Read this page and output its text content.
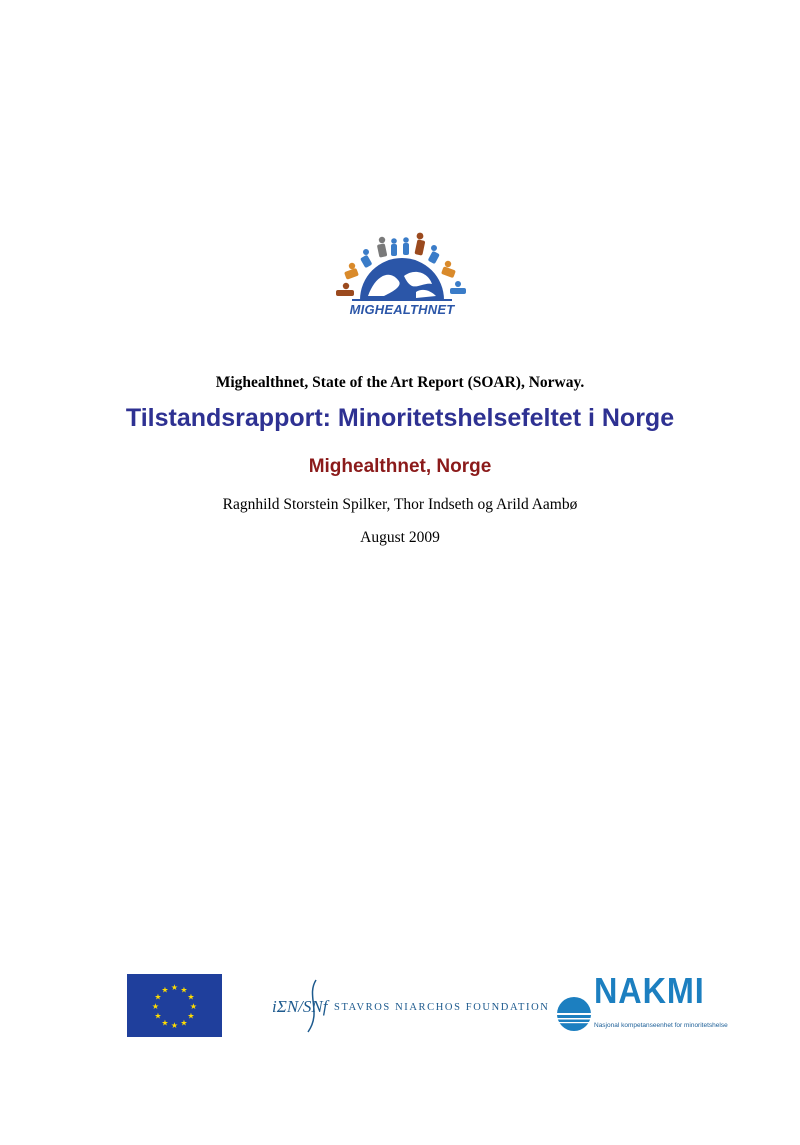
MIGHEALTHNET
Mighealthnet, State of the Art Report (SOAR), Norway.
Tilstandsrapport: Minoritetshelsefeltet i Norge
Mighealthnet, Norge
Ragnhild Storstein Spilker, Thor Indseth og Arild Aambø
August 2009
★ ★
★
★
★
★
★
★
★
★
★
★
iΣN/SNf STAVROS NIARCHOS FOUNDATION NAKMI
Nasjonal kompetanseenhet for minoritetshelse
